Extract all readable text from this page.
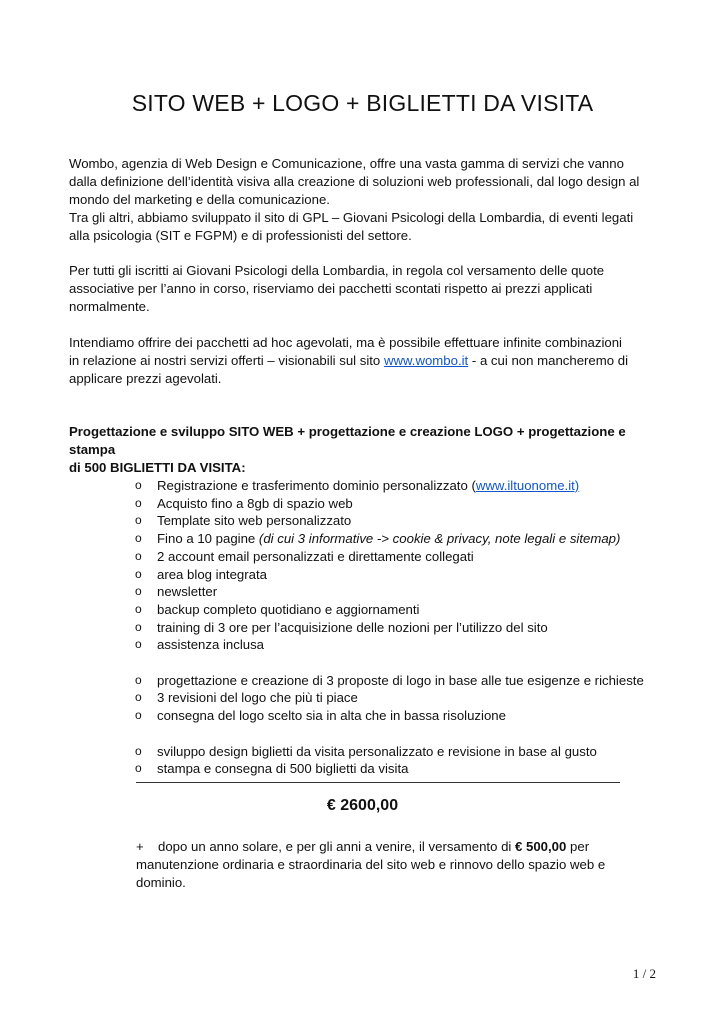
SITO WEB + LOGO + BIGLIETTI DA VISITA
Wombo, agenzia di Web Design e Comunicazione, offre una vasta gamma di servizi che vanno
dalla definizione dell’identità visiva alla creazione di soluzioni web professionali, dal logo design al
mondo del marketing e della comunicazione.
Tra gli altri, abbiamo sviluppato il sito di GPL – Giovani Psicologi della Lombardia, di eventi legati
alla psicologia (SIT e FGPM) e di professionisti del settore.
Per tutti gli iscritti ai Giovani Psicologi della Lombardia, in regola col versamento delle quote
associative per l’anno in corso, riserviamo dei pacchetti scontati rispetto ai prezzi applicati
normalmente.
Intendiamo offrire dei pacchetti ad hoc agevolati, ma è possibile effettuare infinite combinazioni
in relazione ai nostri servizi offerti – visionabili sul sito www.wombo.it - a cui non mancheremo di
applicare prezzi agevolati.
Progettazione e sviluppo SITO WEB + progettazione e creazione LOGO + progettazione e stampa
di 500 BIGLIETTI DA VISITA:
o Registrazione e trasferimento dominio personalizzato (www.iltuonome.it)
o Acquisto fino a 8gb di spazio web
o Template sito web personalizzato
o Fino a 10 pagine (di cui 3 informative -> cookie & privacy, note legali e sitemap)
o 2 account email personalizzati e direttamente collegati
o area blog integrata
o newsletter
o backup completo quotidiano e aggiornamenti
o training di 3 ore per l’acquisizione delle nozioni per l’utilizzo del sito
o assistenza inclusa
o progettazione e creazione di 3 proposte di logo in base alle tue esigenze e richieste
o 3 revisioni del logo che più ti piace
o consegna del logo scelto sia in alta che in bassa risoluzione
o sviluppo design biglietti da visita personalizzato e revisione in base al gusto
o stampa e consegna di 500 biglietti da visita
€ 2600,00
+ dopo un anno solare, e per gli anni a venire, il versamento di € 500,00 per
manutenzione ordinaria e straordinaria del sito web e rinnovo dello spazio web e
dominio.
1 / 2
